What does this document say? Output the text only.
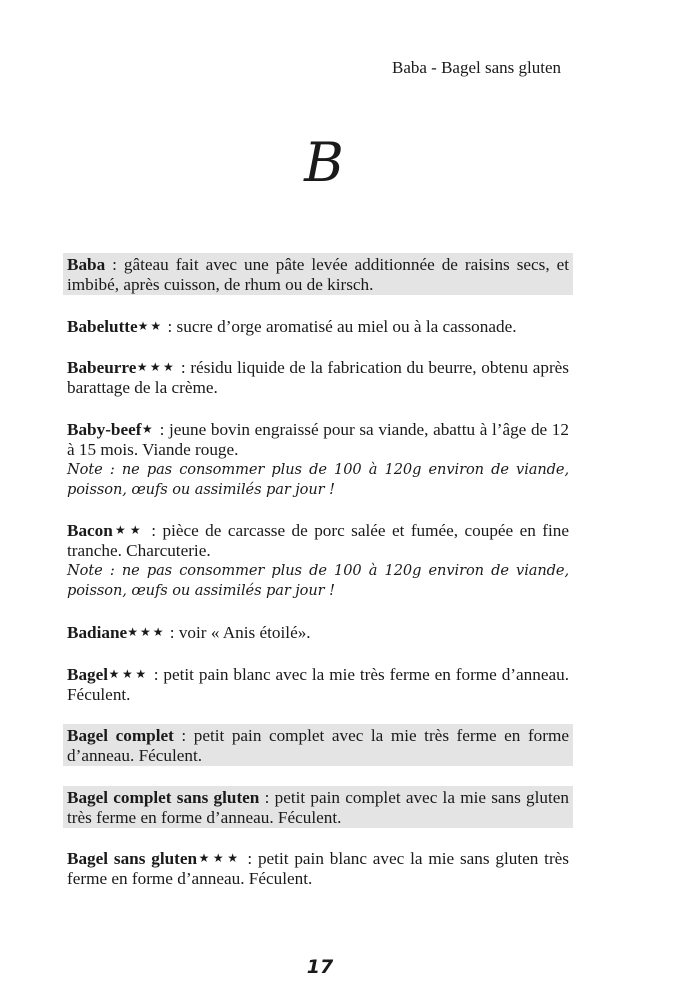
Baba - Bagel sans gluten
B
Baba : gâteau fait avec une pâte levée additionnée de raisins secs, et imbibé, après cuisson, de rhum ou de kirsch.
Babelutte★★ : sucre d’orge aromatisé au miel ou à la cassonade.
Babeurre★★★ : résidu liquide de la fabrication du beurre, obtenu après barattage de la crème.
Baby-beef★ : jeune bovin engraissé pour sa viande, abattu à l’âge de 12 à 15 mois. Viande rouge.
Note : ne pas consommer plus de 100 à 120g environ de viande, poisson, œufs ou assimilés par jour !
Bacon★★ : pièce de carcasse de porc salée et fumée, coupée en fine tranche. Charcuterie.
Note : ne pas consommer plus de 100 à 120g environ de viande, poisson, œufs ou assimilés par jour !
Badiane★★★ : voir « Anis étoilé».
Bagel★★★ : petit pain blanc avec la mie très ferme en forme d’anneau. Féculent.
Bagel complet : petit pain complet avec la mie très ferme en forme d’anneau. Féculent.
Bagel complet sans gluten : petit pain complet avec la mie sans gluten très ferme en forme d’anneau. Féculent.
Bagel sans gluten★★★ : petit pain blanc avec la mie sans gluten très ferme en forme d’anneau. Féculent.
17
